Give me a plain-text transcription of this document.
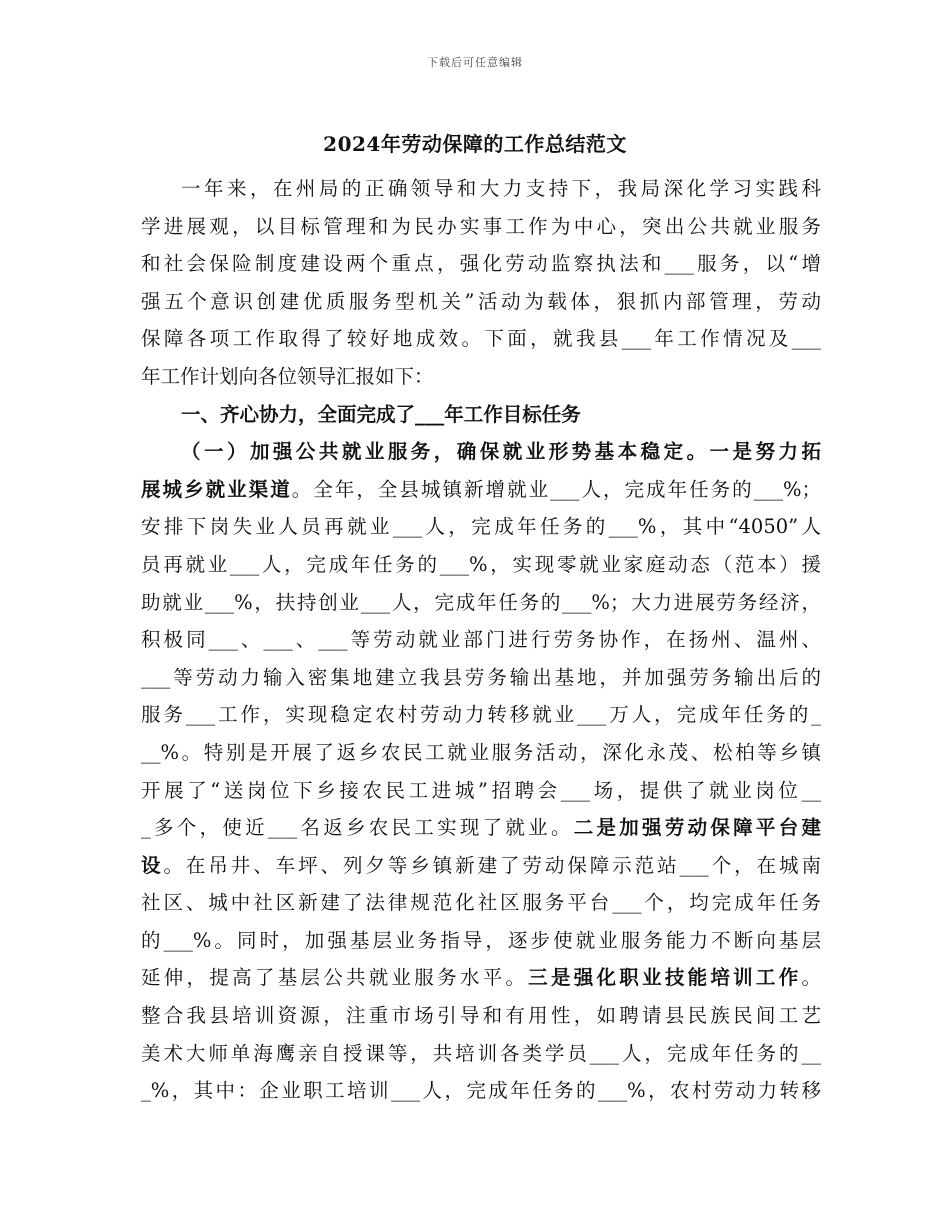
下载后可任意编辑
2024年劳动保障的工作总结范文
一年来，在州局的正确领导和大力支持下，我局深化学习实践科
学进展观，以目标管理和为民办实事工作为中心，突出公共就业服务
和社会保险制度建设两个重点，强化劳动监察执法和___服务，以“增
强五个意识创建优质服务型机关”活动为载体，狠抓内部管理，劳动
保障各项工作取得了较好地成效。下面，就我县___年工作情况及___
年工作计划向各位领导汇报如下：
一、齐心协力，全面完成了___年工作目标任务
（一）加强公共就业服务，确保就业形势基本稳定。一是努力拓
展城乡就业渠道。全年，全县城镇新增就业___人，完成年任务的___%；
安排下岗失业人员再就业___人，完成年任务的___%，其中“4050”人
员再就业___人，完成年任务的___%，实现零就业家庭动态（范本）援
助就业___%，扶持创业___人，完成年任务的___%；大力进展劳务经济，
积极同___、___、___等劳动就业部门进行劳务协作，在扬州、温州、
___等劳动力输入密集地建立我县劳务输出基地，并加强劳务输出后的
服务___工作，实现稳定农村劳动力转移就业___万人，完成年任务的_
__%。特别是开展了返乡农民工就业服务活动，深化永茂、松柏等乡镇
开展了“送岗位下乡接农民工进城”招聘会___场，提供了就业岗位__
_多个，使近___名返乡农民工实现了就业。二是加强劳动保障平台建
设。在吊井、车坪、列夕等乡镇新建了劳动保障示范站___个，在城南
社区、城中社区新建了法律规范化社区服务平台___个，均完成年任务
的___%。同时，加强基层业务指导，逐步使就业服务能力不断向基层
延伸，提高了基层公共就业服务水平。三是强化职业技能培训工作。
整合我县培训资源，注重市场引导和有用性，如聘请县民族民间工艺
美术大师单海鹰亲自授课等，共培训各类学员___人，完成年任务的__
_%，其中：企业职工培训___人，完成年任务的___%，农村劳动力转移
